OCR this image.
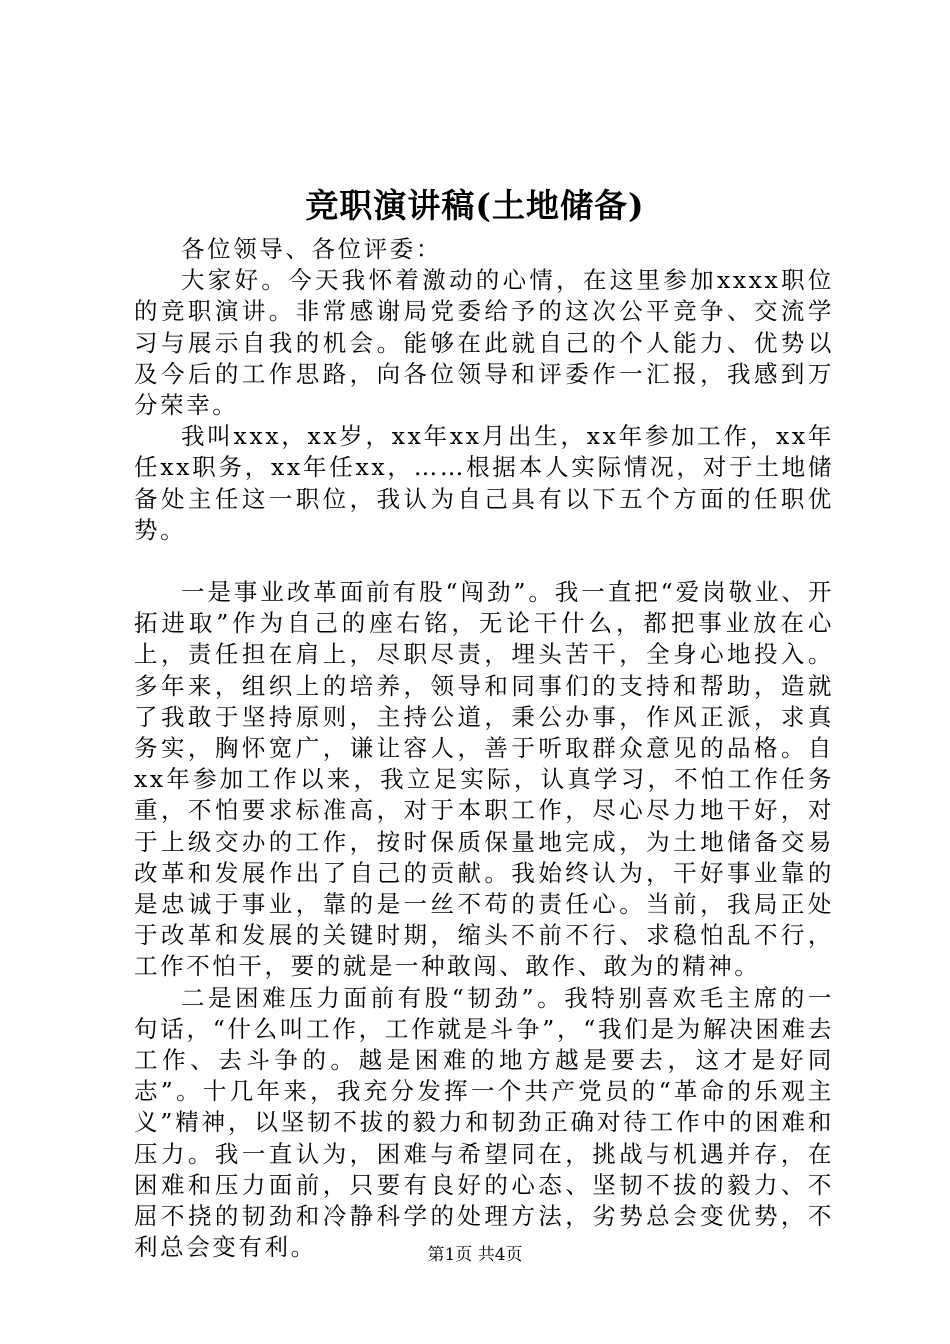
竞职演讲稿(土地储备)

各位领导、各位评委：

大家好。今天我怀着激动的心情，在这里参加xxxx职位的竞职演讲。非常感谢局党委给予的这次公平竞争、交流学习与展示自我的机会。能够在此就自己的个人能力、优势以及今后的工作思路，向各位领导和评委作一汇报，我感到万分荣幸。

我叫xxx，xx岁，xx年xx月出生，xx年参加工作，xx年任xx职务，xx年任xx，……根据本人实际情况，对于土地储备处主任这一职位，我认为自己具有以下五个方面的任职优势。

一是事业改革面前有股“闯劲”。我一直把“爱岗敬业、开拓进取”作为自己的座右铭，无论干什么，都把事业放在心上，责任担在肩上，尽职尽责，埋头苦干，全身心地投入。多年来，组织上的培养，领导和同事们的支持和帮助，造就了我敢于坚持原则，主持公道，秉公办事，作风正派，求真务实，胸怀宽广，谦让容人，善于听取群众意见的品格。自xx年参加工作以来，我立足实际，认真学习，不怕工作任务重，不怕要求标准高，对于本职工作，尽心尽力地干好，对于上级交办的工作，按时保质保量地完成，为土地储备交易改革和发展作出了自己的贡献。我始终认为，干好事业靠的是忠诚于事业，靠的是一丝不苟的责任心。当前，我局正处于改革和发展的关键时期，缩头不前不行、求稳怕乱不行，工作不怕干，要的就是一种敢闯、敢作、敢为的精神。

二是困难压力面前有股“韧劲”。我特别喜欢毛主席的一句话，“什么叫工作，工作就是斗争”，“我们是为解决困难去工作、去斗争的。越是困难的地方越是要去，这才是好同志”。十几年来，我充分发挥一个共产党员的“革命的乐观主义”精神，以坚韧不拔的毅力和韧劲正确对待工作中的困难和压力。我一直认为，困难与希望同在，挑战与机遇并存，在困难和压力面前，只要有良好的心态、坚韧不拔的毅力、不屈不挠的韧劲和冷静科学的处理方法，劣势总会变优势，不利总会变有利。	第1页 共4页
